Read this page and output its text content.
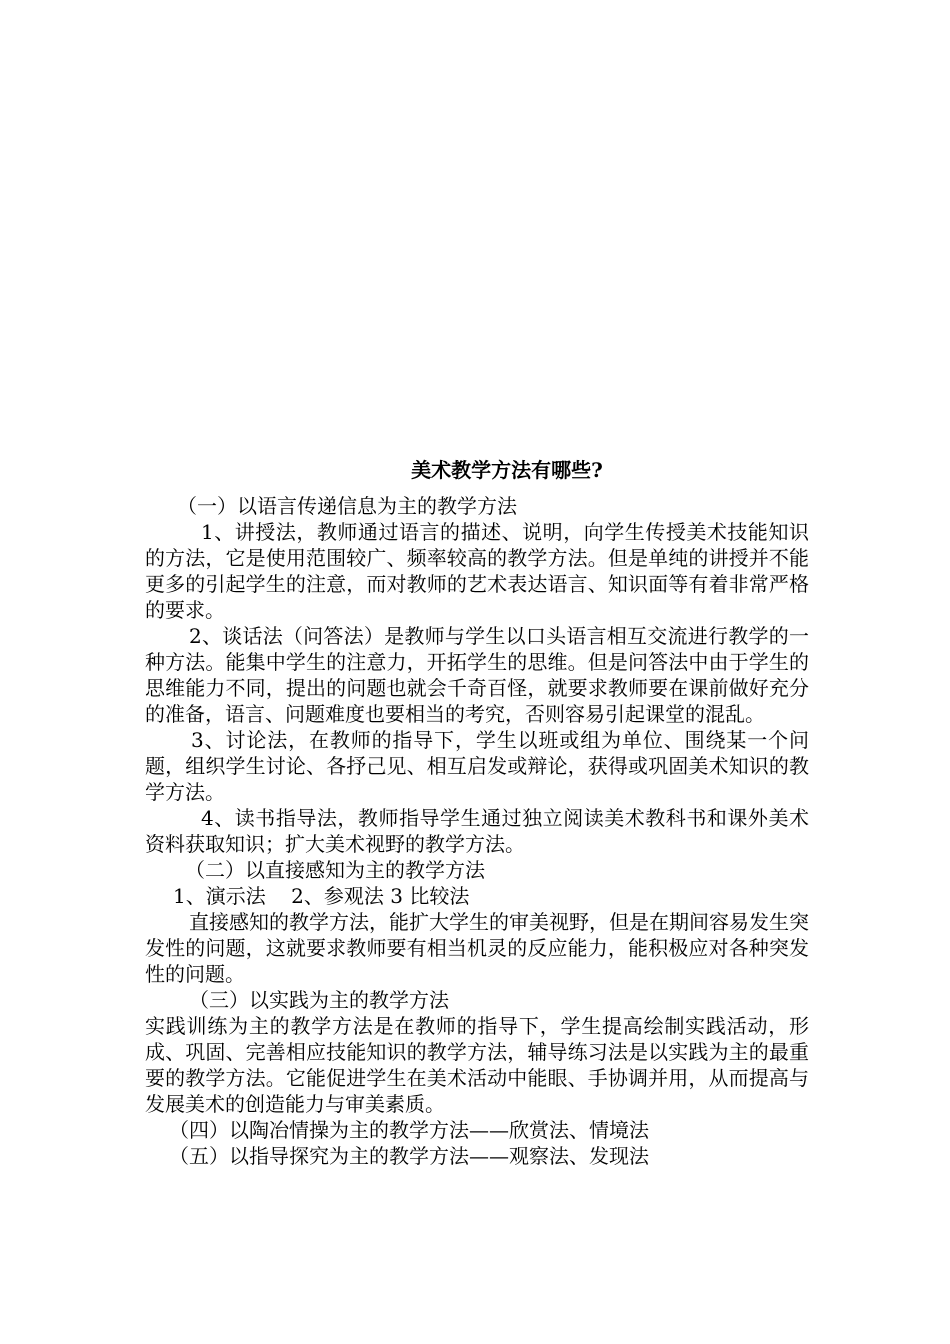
美术教学方法有哪些?

（一）以语言传递信息为主的教学方法

1、讲授法，教师通过语言的描述、说明，向学生传授美术技能知识的方法，它是使用范围较广、频率较高的教学方法。但是单纯的讲授并不能更多的引起学生的注意，而对教师的艺术表达语言、知识面等有着非常严格的要求。

2、谈话法（问答法）是教师与学生以口头语言相互交流进行教学的一种方法。能集中学生的注意力，开拓学生的思维。但是问答法中由于学生的思维能力不同，提出的问题也就会千奇百怪，就要求教师要在课前做好充分的准备，语言、问题难度也要相当的考究，否则容易引起课堂的混乱。

3、讨论法，在教师的指导下，学生以班或组为单位、围绕某一个问题，组织学生讨论、各抒己见、相互启发或辩论，获得或巩固美术知识的教学方法。

4、读书指导法，教师指导学生通过独立阅读美术教科书和课外美术资料获取知识；扩大美术视野的教学方法。

（二）以直接感知为主的教学方法

1、演示法    2、参观法 3 比较法

直接感知的教学方法，能扩大学生的审美视野，但是在期间容易发生突发性的问题，这就要求教师要有相当机灵的反应能力，能积极应对各种突发性的问题。

（三）以实践为主的教学方法

实践训练为主的教学方法是在教师的指导下，学生提高绘制实践活动，形成、巩固、完善相应技能知识的教学方法，辅导练习法是以实践为主的最重要的教学方法。它能促进学生在美术活动中能眼、手协调并用，从而提高与发展美术的创造能力与审美素质。

（四）以陶冶情操为主的教学方法——欣赏法、情境法

（五）以指导探究为主的教学方法——观察法、发现法
